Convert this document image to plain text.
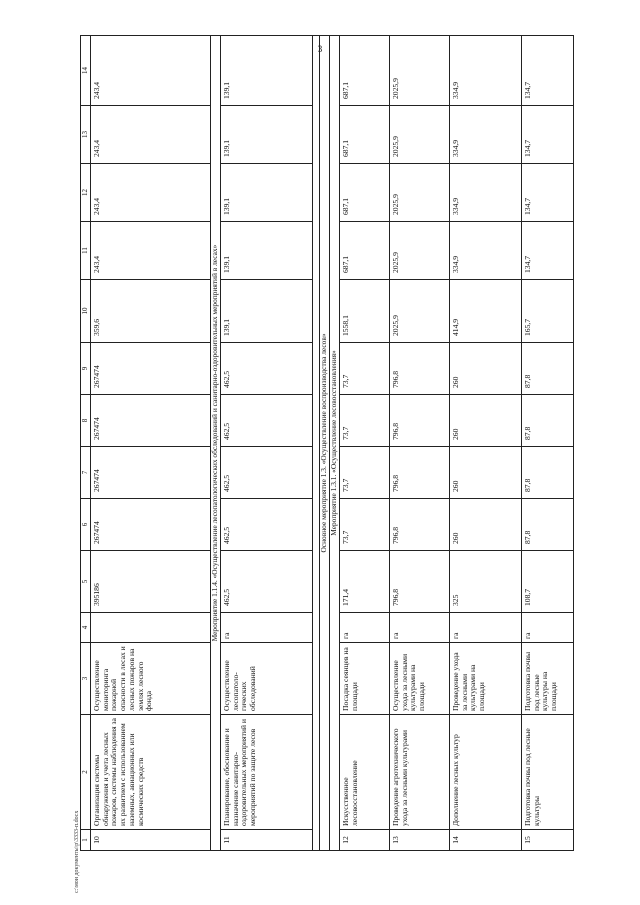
3
1	2	3	4	5	6	7	8	9	10	11	12	13	14
10	Организация системы обнаружения и учета лесных пожаров, системы наблюдения за их развитием с использованием наземных, авиационных или космических средств	Осуществление мониторинга пожарной опасности в лесах и лесных пожаров на землях лесного фонда		395186	267474	267474	267474	267474	359,6	243,4	243,4	243,4	243,4
Мероприятие 1.1.4. «Осуществление лесопатологических обследований и санитарно-оздоровительных мероприятий в лесах»													
11	Планирование, обоснование и назначение санитарно-оздоровительных мероприятий и мероприятий по защите лесов	Осуществление лесопатоло-гических обследований	га	462,5	462,5	462,5	462,5	462,5	139,1	139,1	139,1	139,1	139,1

Основное мероприятие 1.3. «Осуществление воспроизводства лесов»													
Мероприятие 1.3.1. «Осуществление лесовосстановления»													
12	Искусственное лесовосстановление	Посадка сеянцев на площади	га	171,4	73,7	73,7	73,7	73,7	1558,1	687,1	687,1	687,1	687,1
13	Проведение агротехнического ухода за лесными культурами	Осуществление ухода за лесными культурами на площади	га	796,8	796,8	796,8	796,8	796,8	2025,9	2025,9	2025,9	2025,9	2025,9
14	Дополнение лесных культур	Проведение ухода за лесными культурами на площади	га	325	260	260	260	260	414,9	334,9	334,9	334,9	334,9
15	Подготовка почвы под лесные культуры	Подготовка почвы под лесные культуры на площади	га	108,7	87,8	87,8	87,8	87,8	165,7	134,7	134,7	134,7	134,7
c:\мои документы\р\3333-п.docx
